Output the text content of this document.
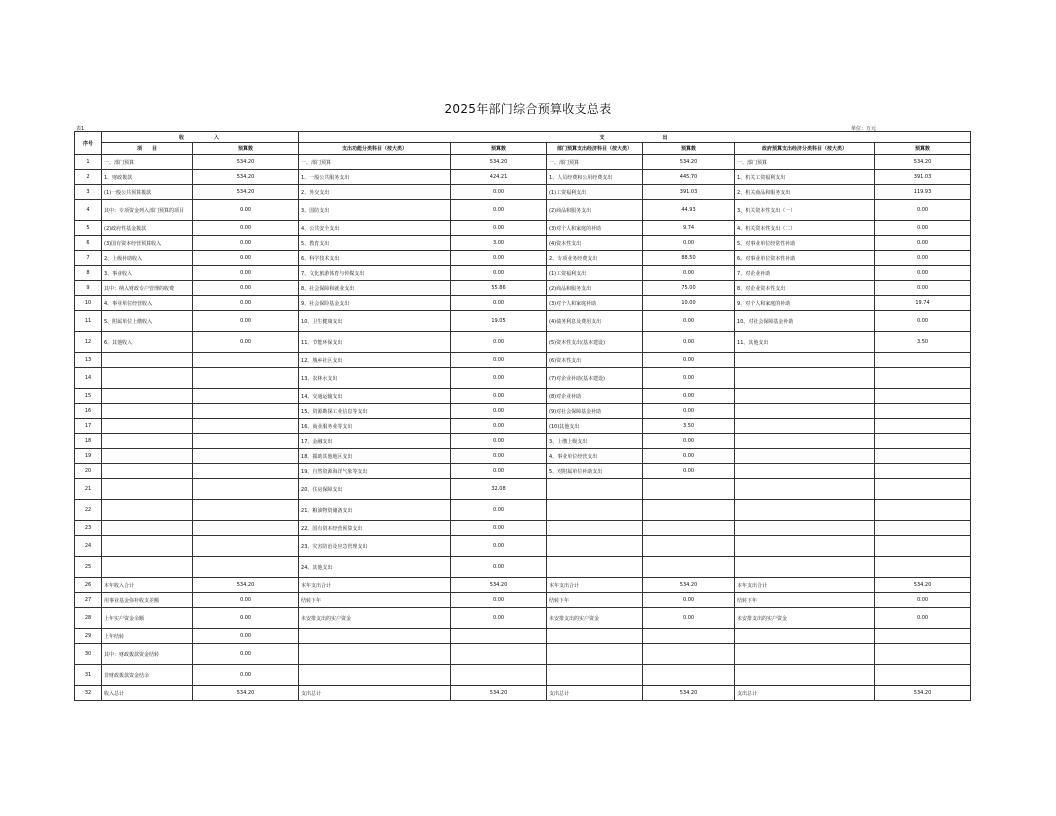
2025年部门综合预算收支总表
表1	单位：万元
序号	收　　　　入		支　　　　　　　　出					
	项　　目	预算数	支出功能分类科目（按大类）	预算数	部门预算支出经济科目（按大类）	预算数	政府预算支出经济分类科目（按大类）	预算数
1	一、部门预算	534.20	一、部门预算	534.20	一、部门预算	534.20	一、部门预算	534.20
2	1、财政拨款	534.20	1、一般公共服务支出	424.21	1、人员经费和公用经费支出	445.70	1、机关工资福利支出	391.03
3	(1)一般公共预算拨款	534.20	2、外交支出	0.00	(1)工资福利支出	391.03	2、机关商品和服务支出	119.93
4	其中：专项资金列入部门预算的项目	0.00	3、国防支出	0.00	(2)商品和服务支出	44.93	3、机关资本性支出（一）	0.00
5	(2)政府性基金拨款	0.00	4、公共安全支出	0.00	(3)对个人和家庭的补助	9.74	4、机关资本性支出（二）	0.00
6	(3)国有资本经营预算收入	0.00	5、教育支出	3.00	(4)资本性支出	0.00	5、对事业单位经常性补助	0.00
7	2、上级补助收入	0.00	6、科学技术支出	0.00	2、专项业务经费支出	88.50	6、对事业单位资本性补助	0.00
8	3、事业收入	0.00	7、文化旅游体育与传媒支出	0.00	(1)工资福利支出	0.00	7、对企业补助	0.00
9	其中：纳入财政专户管理的收费	0.00	8、社会保障和就业支出	55.86	(2)商品和服务支出	75.00	8、对企业资本性支出	0.00
10	4、事业单位经营收入	0.00	9、社会保险基金支出	0.00	(3)对个人和家庭补助	10.00	9、对个人和家庭的补助	19.74
11	5、附属单位上缴收入	0.00	10、卫生健康支出	19.05	(4)债务利息及费用支出	0.00	10、对社会保障基金补助	0.00
12	6、其他收入	0.00	11、节能环保支出	0.00	(5)资本性支出(基本建设)	0.00	11、其他支出	3.50
13			12、城乡社区支出	0.00	(6)资本性支出	0.00		
14			13、农林水支出	0.00	(7)对企业补助(基本建设)	0.00		
15			14、交通运输支出	0.00	(8)对企业补助	0.00		
16			15、资源勘探工业信息等支出	0.00	(9)对社会保障基金补助	0.00		
17			16、商业服务业等支出	0.00	(10)其他支出	3.50		
18			17、金融支出	0.00	3、上缴上级支出	0.00		
19			18、援助其他地区支出	0.00	4、事业单位经营支出	0.00		
20			19、自然资源海洋气象等支出	0.00	5、对附属单位补助支出	0.00		
21			20、住房保障支出	32.08				
22			21、粮油物资储备支出	0.00				
23			22、国有资本经营预算支出	0.00				
24			23、灾害防治及应急管理支出	0.00				
25			24、其他支出	0.00				
26	本年收入合计	534.20	本年支出合计	534.20	本年支出合计	534.20	本年支出合计	534.20
27	用事业基金弥补收支差额	0.00	结转下年	0.00	结转下年	0.00	结转下年	0.00
28	上年实户资金余额	0.00	未安排支出的实户资金	0.00	未安排支出的实户资金	0.00	未安排支出的实户资金	0.00
29	上年结转	0.00						
30	其中：财政拨款资金结转	0.00						
31	非财政拨款资金结余	0.00						
32	收入总计	534.20	支出总计	534.20	支出总计	534.20	支出总计	534.20
